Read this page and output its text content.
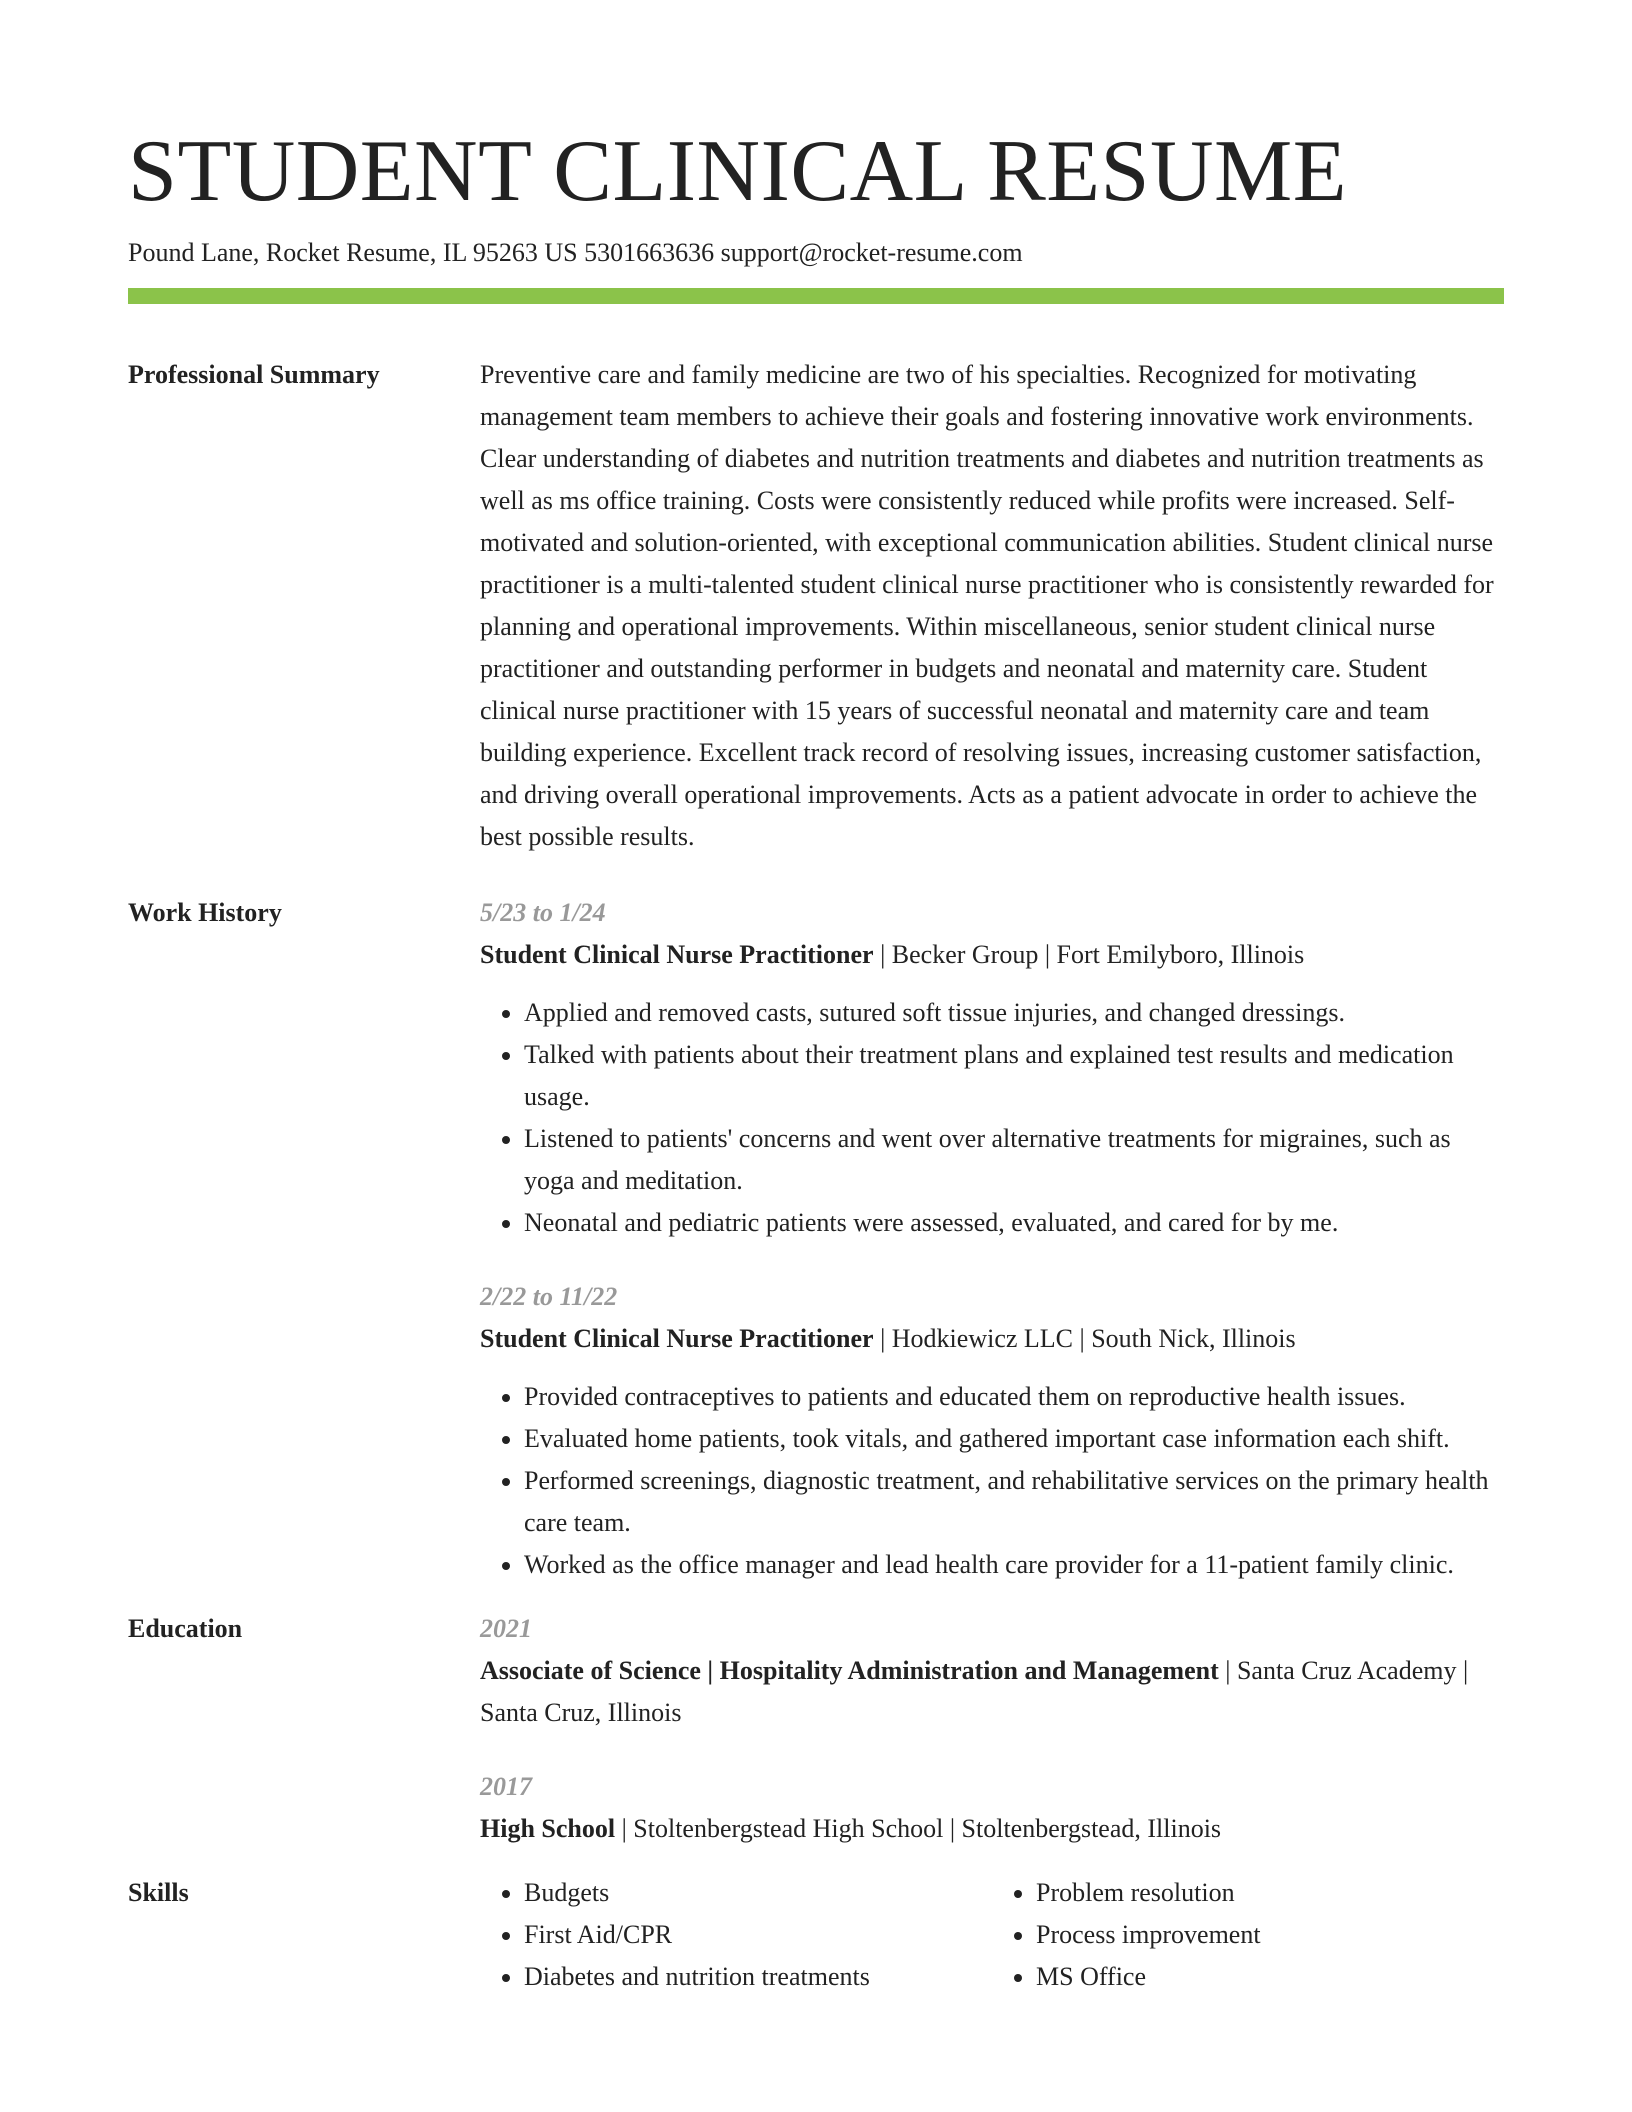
STUDENT CLINICAL RESUME
Pound Lane, Rocket Resume, IL 95263 US 5301663636 support@rocket-resume.com
Professional Summary	Preventive care and family medicine are two of his specialties. Recognized for motivating management team members to achieve their goals and fostering innovative work environments. Clear understanding of diabetes and nutrition treatments and diabetes and nutrition treatments as well as ms office training. Costs were consistently reduced while profits were increased. Self-motivated and solution-oriented, with exceptional communication abilities. Student clinical nurse practitioner is a multi-talented student clinical nurse practitioner who is consistently rewarded for planning and operational improvements. Within miscellaneous, senior student clinical nurse practitioner and outstanding performer in budgets and neonatal and maternity care. Student clinical nurse practitioner with 15 years of successful neonatal and maternity care and team building experience. Excellent track record of resolving issues, increasing customer satisfaction, and driving overall operational improvements. Acts as a patient advocate in order to achieve the best possible results.

Work History	5/23 to 1/24

Student Clinical Nurse Practitioner | Becker Group | Fort Emilyboro, Illinois

• Applied and removed casts, sutured soft tissue injuries, and changed dressings.
• Talked with patients about their treatment plans and explained test results and medication usage.
• Listened to patients' concerns and went over alternative treatments for migraines, such as yoga and meditation.
• Neonatal and pediatric patients were assessed, evaluated, and cared for by me.
2/22 to 11/22

Student Clinical Nurse Practitioner | Hodkiewicz LLC | South Nick, Illinois

• Provided contraceptives to patients and educated them on reproductive health issues.
• Evaluated home patients, took vitals, and gathered important case information each shift.
• Performed screenings, diagnostic treatment, and rehabilitative services on the primary health care team.
• Worked as the office manager and lead health care provider for a 11-patient family clinic.
Education	2021

Associate of Science | Hospitality Administration and Management | Santa Cruz Academy | Santa Cruz, Illinois

2017

High School | Stoltenbergstead High School | Stoltenbergstead, Illinois

Skills
•	Budgets
• First Aid/CPR
• Diabetes and nutrition treatments
• Problem resolution
• Process improvement
• MS Office
